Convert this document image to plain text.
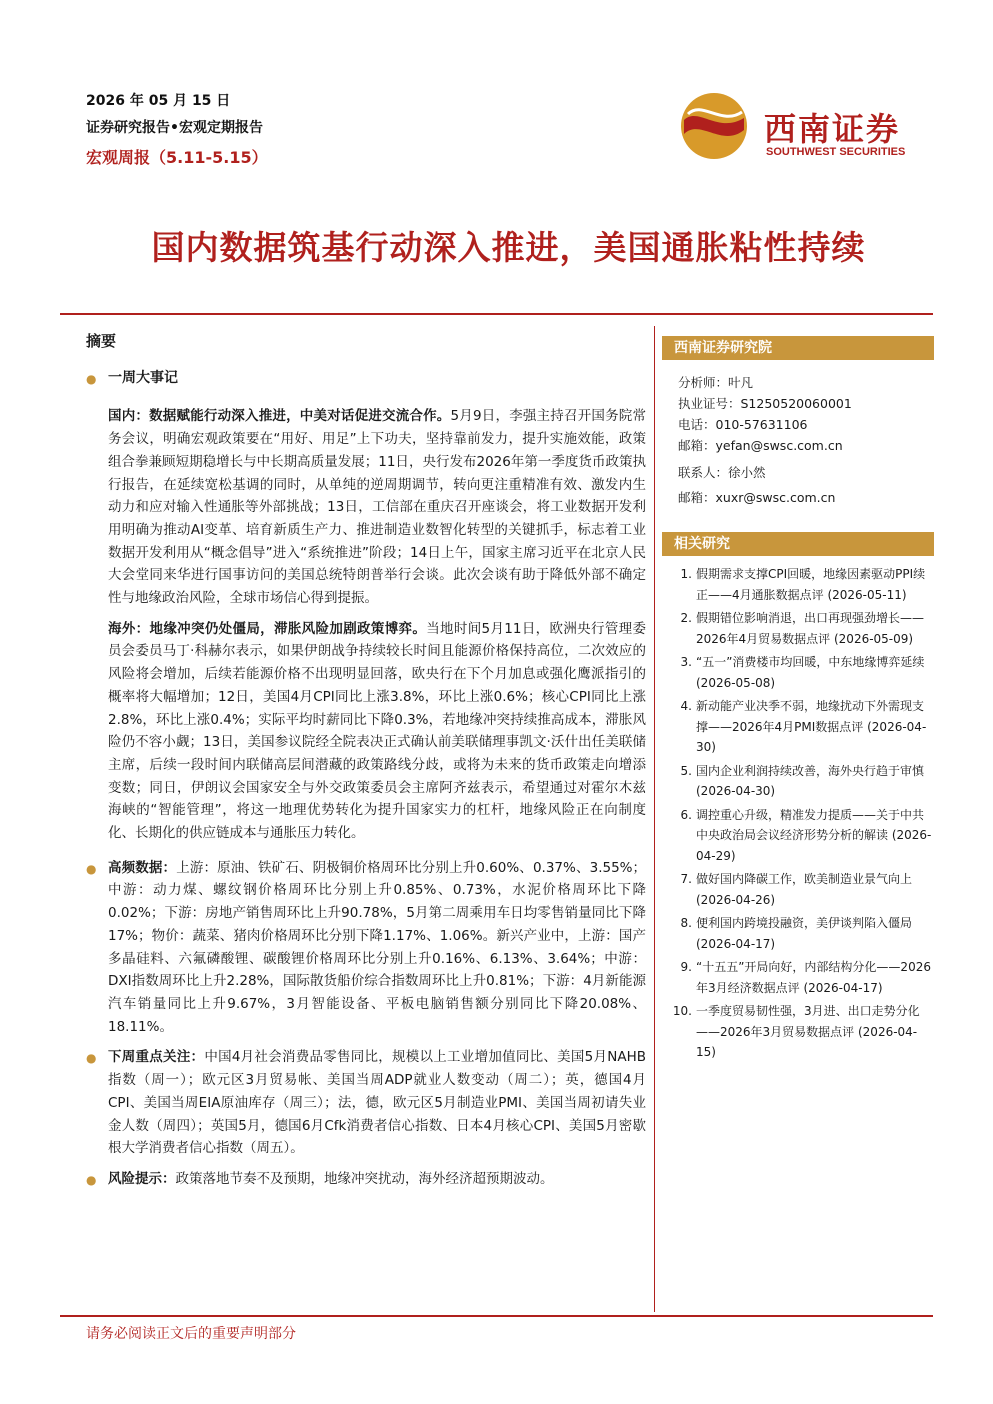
2026 年 05 月 15 日
证券研究报告•宏观定期报告
宏观周报（5.11-5.15）
西南证券
SOUTHWEST SECURITIES
国内数据筑基行动深入推进，美国通胀粘性持续
摘要
● 一周大事记
国内：数据赋能行动深入推进，中美对话促进交流合作。5月9日，李强主持召开国务院常务会议，明确宏观政策要在“用好、用足”上下功夫，坚持靠前发力，提升实施效能，政策组合拳兼顾短期稳增长与中长期高质量发展；11日，央行发布2026年第一季度货币政策执行报告，在延续宽松基调的同时，从单纯的逆周期调节，转向更注重精准有效、激发内生动力和应对输入性通胀等外部挑战；13日，工信部在重庆召开座谈会，将工业数据开发利用明确为推动AI变革、培育新质生产力、推进制造业数智化转型的关键抓手，标志着工业数据开发利用从“概念倡导”进入“系统推进”阶段；14日上午，国家主席习近平在北京人民大会堂同来华进行国事访问的美国总统特朗普举行会谈。此次会谈有助于降低外部不确定性与地缘政治风险，全球市场信心得到提振。
海外：地缘冲突仍处僵局，滞胀风险加剧政策博弈。当地时间5月11日，欧洲央行管理委员会委员马丁·科赫尔表示，如果伊朗战争持续较长时间且能源价格保持高位，二次效应的风险将会增加，后续若能源价格不出现明显回落，欧央行在下个月加息或强化鹰派指引的概率将大幅增加；12日，美国4月CPI同比上涨3.8%，环比上涨0.6%；核心CPI同比上涨2.8%，环比上涨0.4%；实际平均时薪同比下降0.3%，若地缘冲突持续推高成本，滞胀风险仍不容小觑；13日，美国参议院经全院表决正式确认前美联储理事凯文·沃什出任美联储主席，后续一段时间内联储高层间潜藏的政策路线分歧，或将为未来的货币政策走向增添变数；同日，伊朗议会国家安全与外交政策委员会主席阿齐兹表示，希望通过对霍尔木兹海峡的“智能管理”，将这一地理优势转化为提升国家实力的杠杆，地缘风险正在向制度化、长期化的供应链成本与通胀压力转化。
● 高频数据：上游：原油、铁矿石、阴极铜价格周环比分别上升0.60%、0.37%、3.55%；中游：动力煤、螺纹钢价格周环比分别上升0.85%、0.73%，水泥价格周环比下降0.02%；下游：房地产销售周环比上升90.78%，5月第二周乘用车日均零售销量同比下降17%；物价：蔬菜、猪肉价格周环比分别下降1.17%、1.06%。新兴产业中，上游：国产多晶硅料、六氟磷酸锂、碳酸锂价格周环比分别上升0.16%、6.13%、3.64%；中游：DXI指数周环比上升2.28%，国际散货船价综合指数周环比上升0.81%；下游：4月新能源汽车销量同比上升9.67%，3月智能设备、平板电脑销售额分别同比下降20.08%、18.11%。
● 下周重点关注：中国4月社会消费品零售同比，规模以上工业增加值同比、美国5月NAHB指数（周一）；欧元区3月贸易帐、美国当周ADP就业人数变动（周二）；英，德国4月CPI、美国当周EIA原油库存（周三）；法，德，欧元区5月制造业PMI、美国当周初请失业金人数（周四）；英国5月，德国6月Cfk消费者信心指数、日本4月核心CPI、美国5月密歇根大学消费者信心指数（周五）。
● 风险提示：政策落地节奏不及预期，地缘冲突扰动，海外经济超预期波动。
西南证券研究院
分析师：叶凡
执业证号：S1250520060001
电话：010-57631106
邮箱：yefan@swsc.com.cn
联系人：徐小然
邮箱：xuxr@swsc.com.cn
相关研究
1. 假期需求支撑CPI回暖，地缘因素驱动PPI续正——4月通胀数据点评 (2026-05-11)
2. 假期错位影响消退，出口再现强劲增长——2026年4月贸易数据点评 (2026-05-09)
3. “五一”消费楼市均回暖，中东地缘博弈延续 (2026-05-08)
4. 新动能产业决季不弱，地缘扰动下外需现支撑——2026年4月PMI数据点评 (2026-04-30)
5. 国内企业利润持续改善，海外央行趋于审慎 (2026-04-30)
6. 调控重心升级，精准发力提质——关于中共中央政治局会议经济形势分析的解读 (2026-04-29)
7. 做好国内降碳工作，欧美制造业景气向上 (2026-04-26)
8. 便利国内跨境投融资，美伊谈判陷入僵局 (2026-04-17)
9. “十五五”开局向好，内部结构分化——2026年3月经济数据点评 (2026-04-17)
10. 一季度贸易韧性强，3月进、出口走势分化——2026年3月贸易数据点评 (2026-04-15)
请务必阅读正文后的重要声明部分
